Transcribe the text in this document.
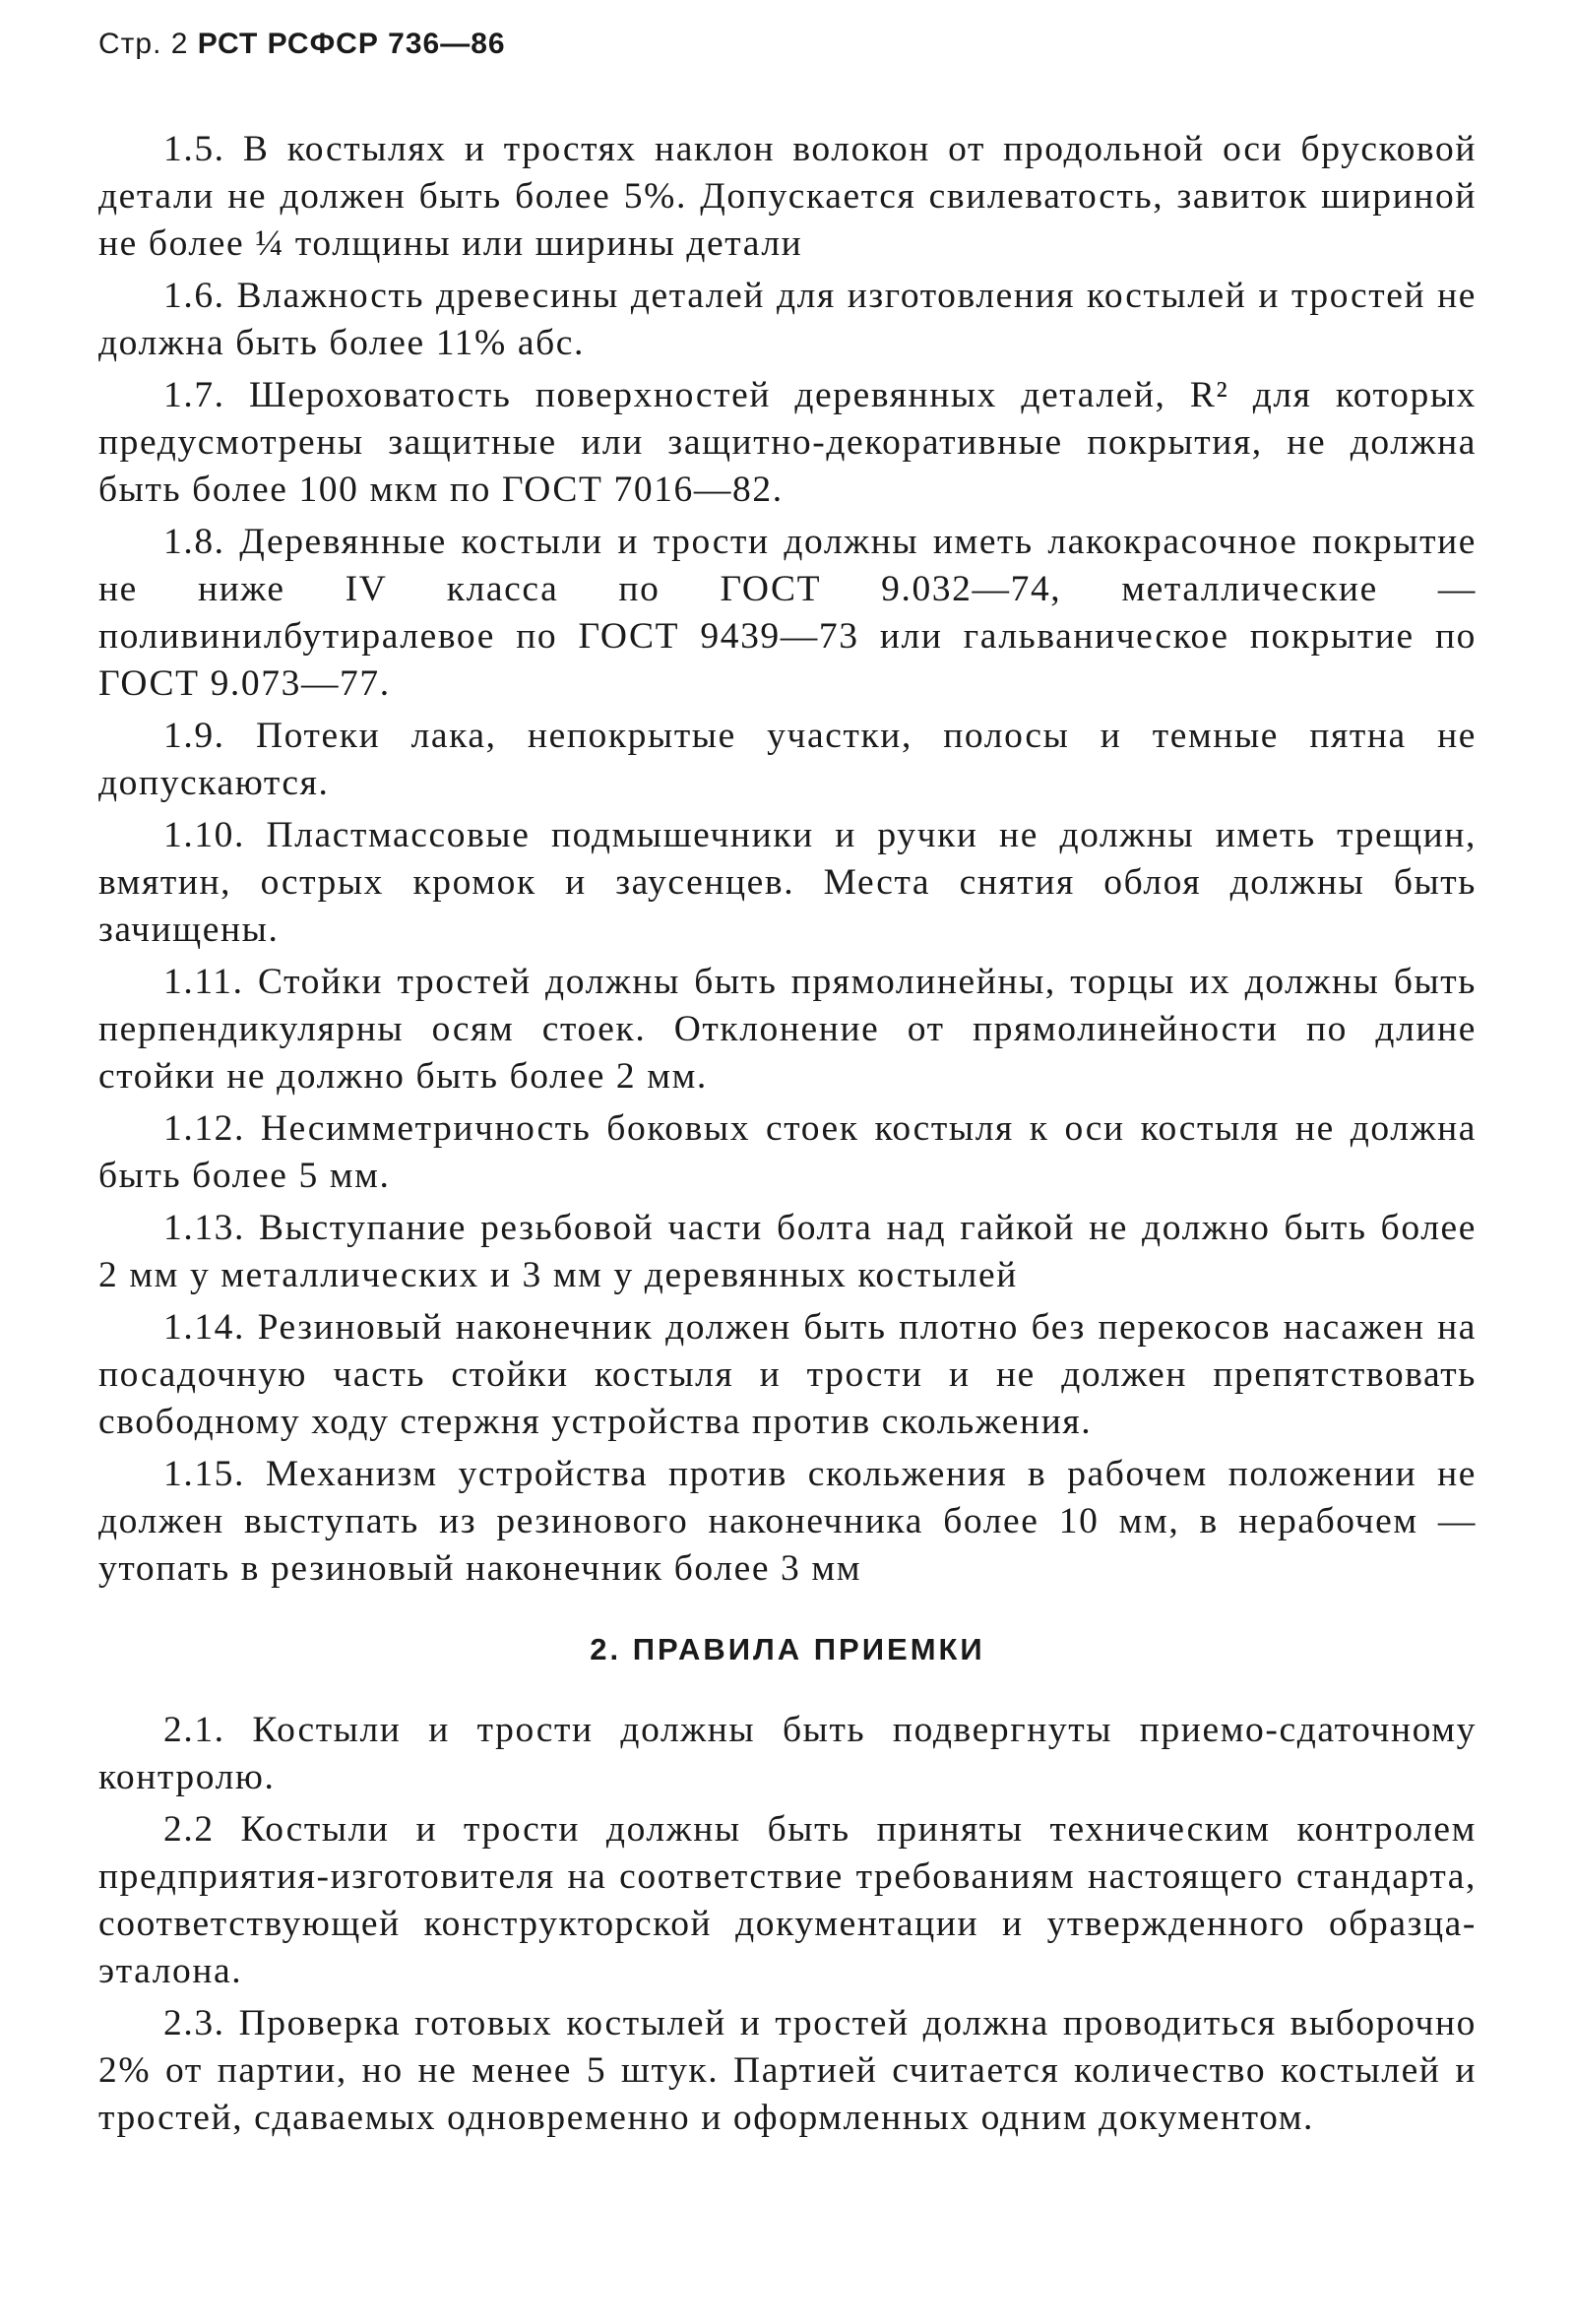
Стр. 2 РСТ РСФСР 736—86

1.5. В костылях и тростях наклон волокон от продольной оси брусковой детали не должен быть более 5%. Допускается свилеватость, завиток шириной не более ¼ толщины или ширины детали

1.6. Влажность древесины деталей для изготовления костылей и тростей не должна быть более 11% абс.

1.7. Шероховатость поверхностей деревянных деталей, R² для которых предусмотрены защитные или защитно-декоративные покрытия, не должна быть более 100 мкм по ГОСТ 7016—82.

1.8. Деревянные костыли и трости должны иметь лакокрасочное покрытие не ниже IV класса по ГОСТ 9.032—74, металлические — поливинилбутиралевое по ГОСТ 9439—73 или гальваническое покрытие по ГОСТ 9.073—77.

1.9. Потеки лака, непокрытые участки, полосы и темные пятна не допускаются.

1.10. Пластмассовые подмышечники и ручки не должны иметь трещин, вмятин, острых кромок и заусенцев. Места снятия облоя должны быть зачищены.

1.11. Стойки тростей должны быть прямолинейны, торцы их должны быть перпендикулярны осям стоек. Отклонение от прямолинейности по длине стойки не должно быть более 2 мм.

1.12. Несимметричность боковых стоек костыля к оси костыля не должна быть более 5 мм.

1.13. Выступание резьбовой части болта над гайкой не должно быть более 2 мм у металлических и 3 мм у деревянных костылей

1.14. Резиновый наконечник должен быть плотно без перекосов насажен на посадочную часть стойки костыля и трости и не должен препятствовать свободному ходу стержня устройства против скольжения.

1.15. Механизм устройства против скольжения в рабочем положении не должен выступать из резинового наконечника более 10 мм, в нерабочем — утопать в резиновый наконечник более 3 мм

2. ПРАВИЛА ПРИЕМКИ

2.1. Костыли и трости должны быть подвергнуты приемо-сдаточному контролю.

2.2 Костыли и трости должны быть приняты техническим контролем предприятия-изготовителя на соответствие требованиям настоящего стандарта, соответствующей конструкторской документации и утвержденного образца-эталона.

2.3. Проверка готовых костылей и тростей должна проводиться выборочно 2% от партии, но не менее 5 штук. Партией считается количество костылей и тростей, сдаваемых одновременно и оформленных одним документом.
